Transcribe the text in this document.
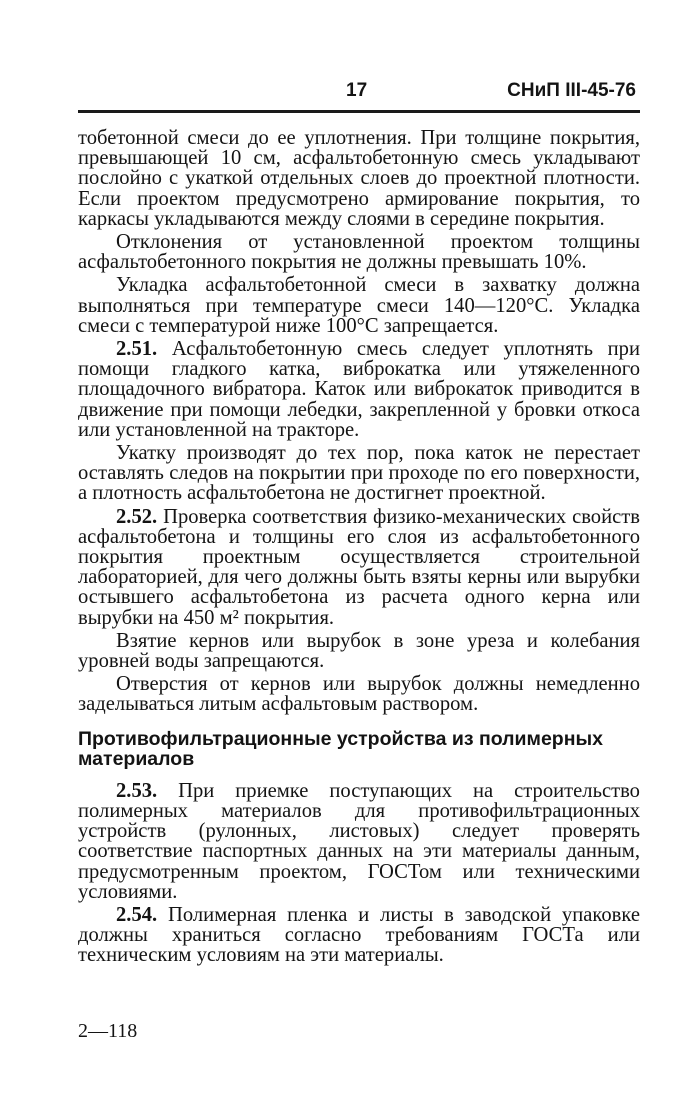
17	СНиП III-45-76

тобетонной смеси до ее уплотнения. При толщине покрытия, превышающей 10 см, асфальтобетонную смесь укладывают послойно с укаткой отдельных слоев до проектной плотности. Если проектом предусмотрено армирование покрытия, то каркасы укладываются между слоями в середине покрытия.

Отклонения от установленной проектом толщины асфальтобетонного покрытия не должны превышать 10%.

Укладка асфальтобетонной смеси в захватку должна выполняться при температуре смеси 140—120°С. Укладка смеси с температурой ниже 100°С запрещается.

2.51. Асфальтобетонную смесь следует уплотнять при помощи гладкого катка, виброкатка или утяжеленного площадочного вибратора. Каток или виброкаток приводится в движение при помощи лебедки, закрепленной у бровки откоса или установленной на тракторе.

Укатку производят до тех пор, пока каток не перестает оставлять следов на покрытии при проходе по его поверхности, а плотность асфальтобетона не достигнет проектной.

2.52. Проверка соответствия физико-механических свойств асфальтобетона и толщины его слоя из асфальтобетонного покрытия проектным осуществляется строительной лабораторией, для чего должны быть взяты керны или вырубки остывшего асфальтобетона из расчета одного керна или вырубки на 450 м² покрытия.

Взятие кернов или вырубок в зоне уреза и колебания уровней воды запрещаются.

Отверстия от кернов или вырубок должны немедленно заделываться литым асфальтовым раствором.

Противофильтрационные устройства из полимерных материалов

2.53. При приемке поступающих на строительство полимерных материалов для противофильтрационных устройств (рулонных, листовых) следует проверять соответствие паспортных данных на эти материалы данным, предусмотренным проектом, ГОСТом или техническими условиями.

2.54. Полимерная пленка и листы в заводской упаковке должны храниться согласно требованиям ГОСТа или техническим условиям на эти материалы.

2—118
